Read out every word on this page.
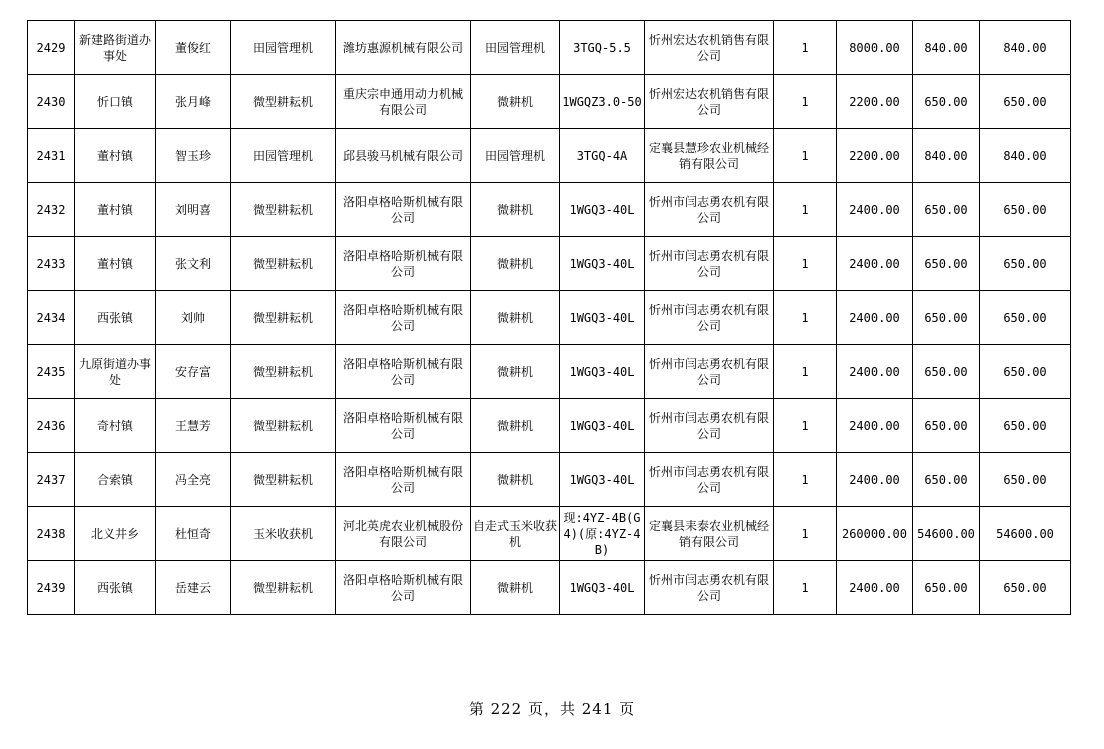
2429	新建路街道办事处	董俊红	田园管理机	潍坊惠源机械有限公司	田园管理机	3TGQ-5.5	忻州宏达农机销售有限公司	1	8000.00	840.00	840.00
2430	忻口镇	张月峰	微型耕耘机	重庆宗申通用动力机械有限公司	微耕机	1WGQZ3.0-50	忻州宏达农机销售有限公司	1	2200.00	650.00	650.00
2431	董村镇	智玉珍	田园管理机	邱县骏马机械有限公司	田园管理机	3TGQ-4A	定襄县慧珍农业机械经销有限公司	1	2200.00	840.00	840.00
2432	董村镇	刘明喜	微型耕耘机	洛阳卓格哈斯机械有限公司	微耕机	1WGQ3-40L	忻州市闫志勇农机有限公司	1	2400.00	650.00	650.00
2433	董村镇	张文利	微型耕耘机	洛阳卓格哈斯机械有限公司	微耕机	1WGQ3-40L	忻州市闫志勇农机有限公司	1	2400.00	650.00	650.00
2434	西张镇	刘帅	微型耕耘机	洛阳卓格哈斯机械有限公司	微耕机	1WGQ3-40L	忻州市闫志勇农机有限公司	1	2400.00	650.00	650.00
2435	九原街道办事处	安存富	微型耕耘机	洛阳卓格哈斯机械有限公司	微耕机	1WGQ3-40L	忻州市闫志勇农机有限公司	1	2400.00	650.00	650.00
2436	奇村镇	王慧芳	微型耕耘机	洛阳卓格哈斯机械有限公司	微耕机	1WGQ3-40L	忻州市闫志勇农机有限公司	1	2400.00	650.00	650.00
2437	合索镇	冯全亮	微型耕耘机	洛阳卓格哈斯机械有限公司	微耕机	1WGQ3-40L	忻州市闫志勇农机有限公司	1	2400.00	650.00	650.00
2438	北义井乡	杜恒奇	玉米收获机	河北英虎农业机械股份有限公司	自走式玉米收获机	现:4YZ-4B(G4)(原:4YZ-4B)	定襄县耒泰农业机械经销有限公司	1	260000.00	54600.00	54600.00
2439	西张镇	岳建云	微型耕耘机	洛阳卓格哈斯机械有限公司	微耕机	1WGQ3-40L	忻州市闫志勇农机有限公司	1	2400.00	650.00	650.00
第 222 页，共 241 页
